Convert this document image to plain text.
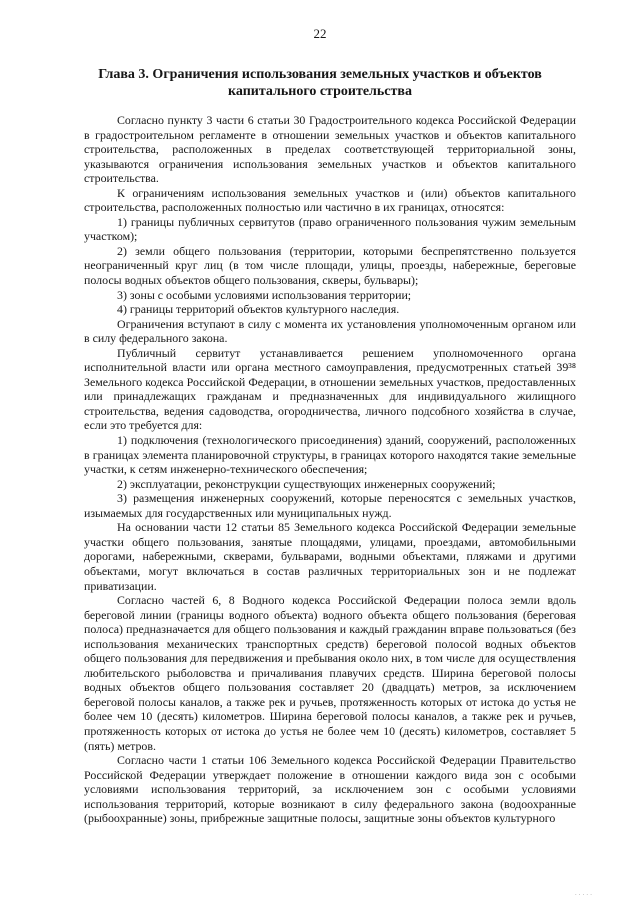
22
Глава 3. Ограничения использования земельных участков и объектов капитального строительства

Согласно пункту 3 части 6 статьи 30 Градостроительного кодекса Российской Федерации в градостроительном регламенте в отношении земельных участков и объектов капитального строительства, расположенных в пределах соответствующей территориальной зоны, указываются ограничения использования земельных участков и объектов капитального строительства.

К ограничениям использования земельных участков и (или) объектов капитального строительства, расположенных полностью или частично в их границах, относятся:

1) границы публичных сервитутов (право ограниченного пользования чужим земельным участком);

2) земли общего пользования (территории, которыми беспрепятственно пользуется неограниченный круг лиц (в том числе площади, улицы, проезды, набережные, береговые полосы водных объектов общего пользования, скверы, бульвары);

3) зоны с особыми условиями использования территории;

4) границы территорий объектов культурного наследия.

Ограничения вступают в силу с момента их установления уполномоченным органом или в силу федерального закона.

Публичный сервитут устанавливается решением уполномоченного органа исполнительной власти или органа местного самоуправления, предусмотренных статьей 39³⁸ Земельного кодекса Российской Федерации, в отношении земельных участков, предоставленных или принадлежащих гражданам и предназначенных для индивидуального жилищного строительства, ведения садоводства, огородничества, личного подсобного хозяйства в случае, если это требуется для:

1) подключения (технологического присоединения) зданий, сооружений, расположенных в границах элемента планировочной структуры, в границах которого находятся такие земельные участки, к сетям инженерно-технического обеспечения;

2) эксплуатации, реконструкции существующих инженерных сооружений;

3) размещения инженерных сооружений, которые переносятся с земельных участков, изымаемых для государственных или муниципальных нужд.

На основании части 12 статьи 85 Земельного кодекса Российской Федерации земельные участки общего пользования, занятые площадями, улицами, проездами, автомобильными дорогами, набережными, скверами, бульварами, водными объектами, пляжами и другими объектами, могут включаться в состав различных территориальных зон и не подлежат приватизации.

Согласно частей 6, 8 Водного кодекса Российской Федерации полоса земли вдоль береговой линии (границы водного объекта) водного объекта общего пользования (береговая полоса) предназначается для общего пользования и каждый гражданин вправе пользоваться (без использования механических транспортных средств) береговой полосой водных объектов общего пользования для передвижения и пребывания около них, в том числе для осуществления любительского рыболовства и причаливания плавучих средств. Ширина береговой полосы водных объектов общего пользования составляет 20 (двадцать) метров, за исключением береговой полосы каналов, а также рек и ручьев, протяженность которых от истока до устья не более чем 10 (десять) километров. Ширина береговой полосы каналов, а также рек и ручьев, протяженность которых от истока до устья не более чем 10 (десять) километров, составляет 5 (пять) метров.

Согласно части 1 статьи 106 Земельного кодекса Российской Федерации Правительство Российской Федерации утверждает положение в отношении каждого вида зон с особыми условиями использования территорий, за исключением зон с особыми условиями использования территорий, которые возникают в силу федерального закона (водоохранные (рыбоохранные) зоны, прибрежные защитные полосы, защитные зоны объектов культурного

· · · · ·
